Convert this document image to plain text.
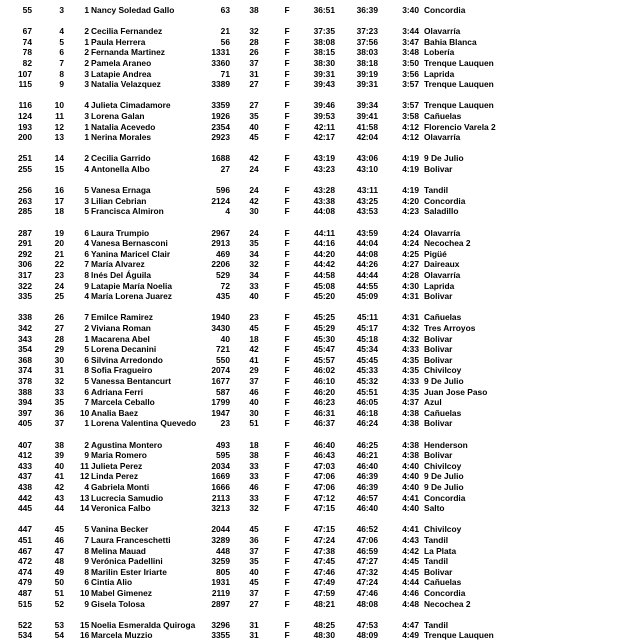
55	3	1 Nancy Soledad Gallo	63	38	F	36:51	36:39	3:40 Concordia
67	4	2 Cecilia Fernandez	21	32	F	37:35	37:23	3:44 Olavarría
74	5	1 Paula Herrera	56	28	F	38:08	37:56	3:47 Bahia Blanca
78	6	2 Fernanda Martinez	1331	26	F	38:15	38:03	3:48 Lobería
82	7	2 Pamela Araneo	3360	37	F	38:30	38:18	3:50 Trenque Lauquen
107	8	3 Latapie Andrea	71	31	F	39:31	39:19	3:56 Laprida
115	9	3 Natalia Velazquez	3389	27	F	39:43	39:31	3:57 Trenque Lauquen
116	10	4 Julieta Cimadamore	3359	27	F	39:46	39:34	3:57 Trenque Lauquen
124	11	3 Lorena Galan	1926	35	F	39:53	39:41	3:58 Cañuelas
193	12	1 Natalia Acevedo	2354	40	F	42:11	41:58	4:12 Florencio Varela 2
200	13	1 Nerina Morales	2923	45	F	42:17	42:04	4:12 Olavarría
251	14	2 Cecilia Garrido	1688	42	F	43:19	43:06	4:19 9 De Julio
255	15	4 Antonella Albo	27	24	F	43:23	43:10	4:19 Bolivar
256	16	5 Vanesa Ernaga	596	24	F	43:28	43:11	4:19 Tandil
263	17	3 Lilian Cebrian	2124	42	F	43:38	43:25	4:20 Concordia
285	18	5 Francisca Almiron	4	30	F	44:08	43:53	4:23 Saladillo
287	19	6 Laura Trumpio	2967	24	F	44:11	43:59	4:24 Olavarría
291	20	4 Vanesa Bernasconi	2913	35	F	44:16	44:04	4:24 Necochea 2
292	21	6 Yanina Maricel Clair	469	34	F	44:20	44:08	4:25 Pigüé
306	22	7 María Alvarez	2206	32	F	44:42	44:26	4:27 Daireaux
317	23	8 Inés Del Águila	529	34	F	44:58	44:44	4:28 Olavarría
322	24	9 Latapie María Noelia	72	33	F	45:08	44:55	4:30 Laprida
335	25	4 María Lorena Juarez	435	40	F	45:20	45:09	4:31 Bolivar
338	26	7 Emilce Ramirez	1940	23	F	45:25	45:11	4:31 Cañuelas
342	27	2 Viviana Roman	3430	45	F	45:29	45:17	4:32 Tres Arroyos
343	28	1 Macarena Abel	40	18	F	45:30	45:18	4:32 Bolivar
354	29	5 Lorena Decanini	721	42	F	45:47	45:34	4:33 Bolivar
368	30	6 Silvina Arredondo	550	41	F	45:57	45:45	4:35 Bolivar
374	31	8 Sofia Fragueiro	2074	29	F	46:02	45:33	4:35 Chivilcoy
378	32	5 Vanessa Bentancurt	1677	37	F	46:10	45:32	4:33 9 De Julio
388	33	6 Adriana Ferri	587	46	F	46:20	45:51	4:35 Juan Jose Paso
394	35	7 Marcela Ceballo	1799	40	F	46:23	46:05	4:37 Azul
397	36 10 Analia Baez	1947	30	F	46:31	46:18	4:38 Cañuelas
405	37	1 Lorena Valentina Quevedo	23	51	F	46:37	46:24	4:38 Bolivar
407	38	2 Agustina Montero	493	18	F	46:40	46:25	4:38 Henderson
412	39	9 Maria Romero	595	38	F	46:43	46:21	4:38 Bolivar
433	40 11 Julieta Perez	2034	33	F	47:03	46:40	4:40 Chivilcoy
437	41 12 Linda Perez	1669	33	F	47:06	46:39	4:40 9 De Julio
438	42	4 Gabriela Monti	1666	46	F	47:06	46:39	4:40 9 De Julio
442	43 13 Lucrecia Samudio	2113	33	F	47:12	46:57	4:41 Concordia
445	44 14 Veronica Falbo	3213	32	F	47:15	46:40	4:40 Salto
447	45	5 Vanina Becker	2044	45	F	47:15	46:52	4:41 Chivilcoy
451	46	7 Laura Franceschetti	3289	36	F	47:24	47:06	4:43 Tandil
467	47	8 Melina Mauad	448	37	F	47:38	46:59	4:42 La Plata
472	48	9 Verónica Padellini	3259	35	F	47:45	47:27	4:45 Tandil
474	49	8 Marilin Ester Iriarte	805	40	F	47:46	47:32	4:45 Bolivar
479	50	6 Cintia Alio	1931	45	F	47:49	47:24	4:44 Cañuelas
487	51 10 Mabel Gimenez	2119	37	F	47:59	47:46	4:46 Concordia
515	52	9 Gisela Tolosa	2897	27	F	48:21	48:08	4:48 Necochea 2
522	53 15 Noelia Esmeralda Quiroga	3296	31	F	48:25	47:53	4:47 Tandil
534	54 16 Marcela Muzzio	3355	31	F	48:30	48:09	4:49 Trenque Lauquen
